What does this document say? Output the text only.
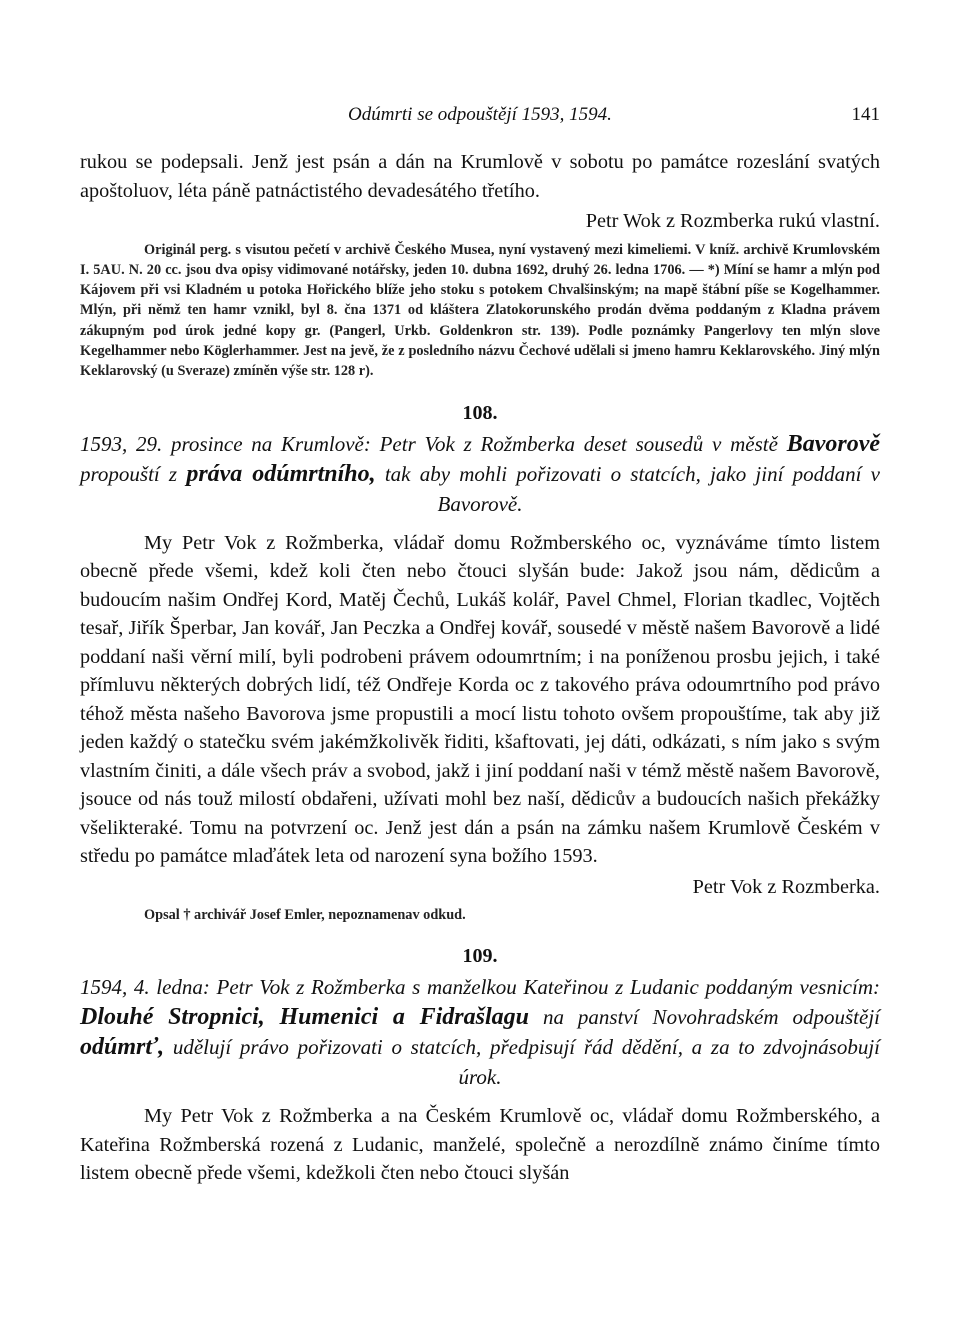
Odúmrti se odpouštějí 1593, 1594.	141

rukou se podepsali. Jenž jest psán a dán na Krumlově v sobotu po památce rozeslání svatých apoštoluov, léta páně patnáctistého devadesátého třetího.

Petr Wok z Rozmberka rukú vlastní.

Originál perg. s visutou pečetí v archivě Českého Musea, nyní vystavený mezi kimeliemi. V kníž. archivě Krumlovském I. 5AU. N. 20 cc. jsou dva opisy vidimované notářsky, jeden 10. dubna 1692, druhý 26. ledna 1706. — *) Míní se hamr a mlýn pod Kájovem při vsi Kladném u potoka Hořického blíže jeho stoku s potokem Chvalšinským; na mapě štábní píše se Kogelhammer. Mlýn, při němž ten hamr vznikl, byl 8. čna 1371 od kláštera Zlatokorunského prodán dvěma poddaným z Kladna právem zákupným pod úrok jedné kopy gr. (Pangerl, Urkb. Goldenkron str. 139). Podle poznámky Pangerlovy ten mlýn slove Kegelhammer nebo Köglerhammer. Jest na jevě, že z posledního názvu Čechové udělali si jmeno hamru Keklarovského. Jiný mlýn Keklarovský (u Sveraze) zmíněn výše str. 128 r).

108.

1593, 29. prosince na Krumlově: Petr Vok z Rožmberka deset sousedů v městě Bavorově propouští z práva odúmrtního, tak aby mohli pořizovati o statcích, jako jiní poddaní v Bavorově.

My Petr Vok z Rožmberka, vládař domu Rožmberského oc, vyznáváme tímto listem obecně přede všemi, kdež koli čten nebo čtouci slyšán bude: Jakož jsou nám, dědicům a budoucím našim Ondřej Kord, Matěj Čechů, Lukáš kolář, Pavel Chmel, Florian tkadlec, Vojtěch tesař, Jiřík Šperbar, Jan kovář, Jan Peczka a Ondřej kovář, sousedé v městě našem Bavorově a lidé poddaní naši věrní milí, byli podrobeni právem odoumrtním; i na poníženou prosbu jejich, i také přímluvu některých dobrých lidí, též Ondřeje Korda oc z takového práva odoumrtního pod právo téhož města našeho Bavorova jsme propustili a mocí listu tohoto ovšem propouštíme, tak aby již jeden každý o statečku svém jakémžkolivěk řiditi, kšaftovati, jej dáti, odkázati, s ním jako s svým vlastním činiti, a dále všech práv a svobod, jakž i jiní poddaní naši v témž městě našem Bavorově, jsouce od nás touž milostí obdařeni, užívati mohl bez naší, dědicův a budoucích našich překážky všelikteraké. Tomu na potvrzení oc. Jenž jest dán a psán na zámku našem Krumlově Českém v středu po památce mlaďátek leta od narození syna božího 1593.

Petr Vok z Rozmberka.

Opsal † archivář Josef Emler, nepoznamenav odkud.

109.

1594, 4. ledna: Petr Vok z Rožmberka s manželkou Kateřinou z Ludanic poddaným vesnicím: Dlouhé Stropnici, Humenici a Fidrašlagu na panství Novohradském odpouštějí odúmrť, udělují právo pořizovati o statcích, předpisují řád dědění, a za to zdvojnásobují úrok.

My Petr Vok z Rožmberka a na Českém Krumlově oc, vládař domu Rožmberského, a Kateřina Rožmberská rozená z Ludanic, manželé, společně a nerozdílně známo činíme tímto listem obecně přede všemi, kdežkoli čten nebo čtouci slyšán
